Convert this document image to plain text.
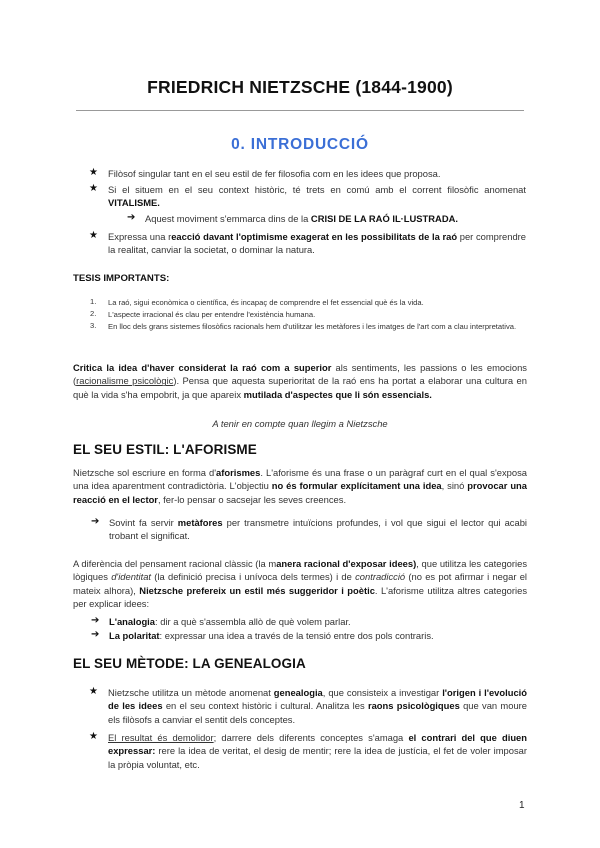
FRIEDRICH NIETZSCHE (1844-1900)
0. INTRODUCCIÓ
★ Filòsof singular tant en el seu estil de fer filosofia com en les idees que proposa.
★ Si el situem en el seu context històric, té trets en comú amb el corrent filosòfic anomenat VITALISME.
➔ Aquest moviment s'emmarca dins de la CRISI DE LA RAÓ IL·LUSTRADA.
★ Expressa una reacció davant l'optimisme exagerat en les possibilitats de la raó per comprendre la realitat, canviar la societat, o dominar la natura.
TESIS IMPORTANTS:
1. La raó, sigui econòmica o científica, és incapaç de comprendre el fet essencial què és la vida.
2. L'aspecte irracional és clau per entendre l'existència humana.
3. En lloc dels grans sistemes filosòfics racionals hem d'utilitzar les metàfores i les imatges de l'art com a clau interpretativa.
Critica la idea d'haver considerat la raó com a superior als sentiments, les passions o les emocions (racionalisme psicològic). Pensa que aquesta superioritat de la raó ens ha portat a elaborar una cultura en què la vida s'ha empobrit, ja que apareix mutilada d'aspectes que li són essencials.
A tenir en compte quan llegim a Nietzsche
EL SEU ESTIL: L'AFORISME
Nietzsche sol escriure en forma d'aforismes. L'aforisme és una frase o un paràgraf curt en el qual s'exposa una idea aparentment contradictòria. L'objectiu no és formular explícitament una idea, sinó provocar una reacció en el lector, fer-lo pensar o sacsejar les seves creences.
➔ Sovint fa servir metàfores per transmetre intuïcions profundes, i vol que sigui el lector qui acabi trobant el significat.
A diferència del pensament racional clàssic (la manera racional d'exposar idees), que utilitza les categories lògiques d'identitat (la definició precisa i unívoca dels termes) i de contradicció (no es pot afirmar i negar el mateix alhora), Nietzsche prefereix un estil més suggeridor i poètic. L'aforisme utilitza altres categories per explicar idees:
➔ L'analogia: dir a què s'assembla allò de què volem parlar.
➔ La polaritat: expressar una idea a través de la tensió entre dos pols contraris.
EL SEU MÈTODE: LA GENEALOGIA
★ Nietzsche utilitza un mètode anomenat genealogia, que consisteix a investigar l'origen i l'evolució de les idees en el seu context històric i cultural. Analitza les raons psicològiques que van moure els filòsofs a canviar el sentit dels conceptes.
★ El resultat és demolidor; darrere dels diferents conceptes s'amaga el contrari del que diuen expressar: rere la idea de veritat, el desig de mentir; rere la idea de justícia, el fet de voler imposar la pròpia voluntat, etc.
1
